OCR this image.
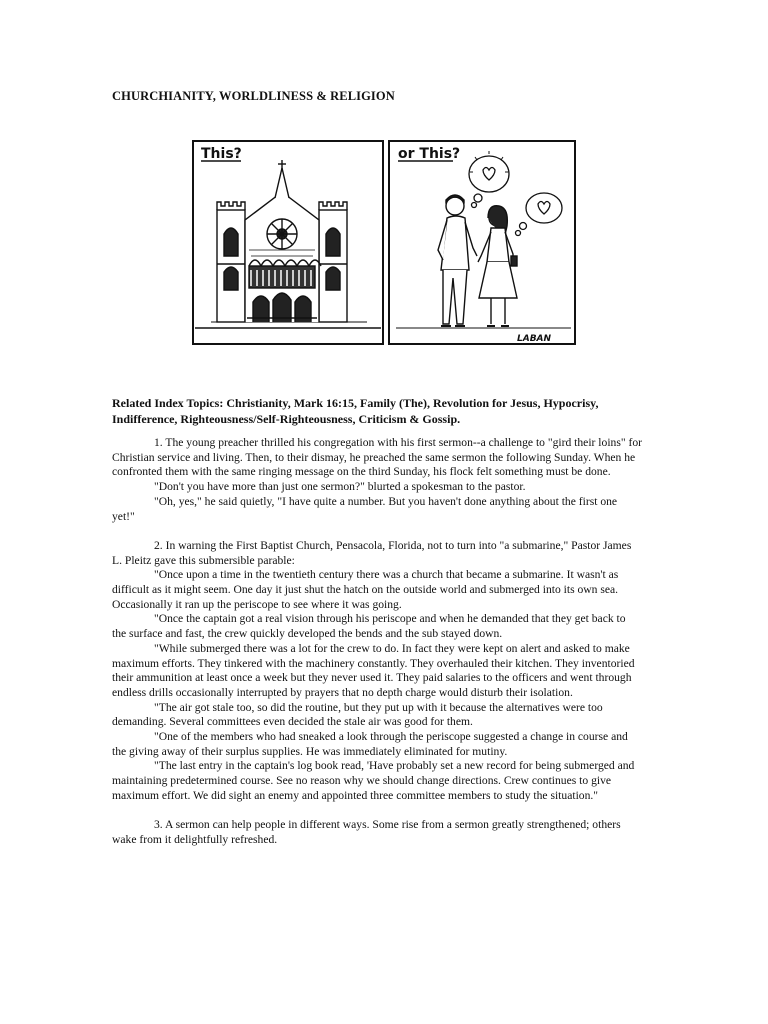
CHURCHIANITY, WORLDLINESS & RELIGION
This?	or This?
LABAN
Related Index Topics: Christianity, Mark 16:15, Family (The), Revolution for Jesus, Hypocrisy, Indifference, Righteousness/Self-Righteousness, Criticism & Gossip.

1. The young preacher thrilled his congregation with his first sermon--a challenge to "gird their loins" for Christian service and living. Then, to their dismay, he preached the same sermon the following Sunday. When he confronted them with the same ringing message on the third Sunday, his flock felt something must be done.

"Don't you have more than just one sermon?" blurted a spokesman to the pastor.

"Oh, yes," he said quietly, "I have quite a number. But you haven't done anything about the first one yet!"

2. In warning the First Baptist Church, Pensacola, Florida, not to turn into "a submarine," Pastor James L. Pleitz gave this submersible parable:

"Once upon a time in the twentieth century there was a church that became a submarine. It wasn't as difficult as it might seem. One day it just shut the hatch on the outside world and submerged into its own sea. Occasionally it ran up the periscope to see where it was going.

"Once the captain got a real vision through his periscope and when he demanded that they get back to the surface and fast, the crew quickly developed the bends and the sub stayed down.

"While submerged there was a lot for the crew to do. In fact they were kept on alert and asked to make maximum efforts. They tinkered with the machinery constantly. They overhauled their kitchen. They inventoried their ammunition at least once a week but they never used it. They paid salaries to the officers and went through endless drills occasionally interrupted by prayers that no depth charge would disturb their isolation.

"The air got stale too, so did the routine, but they put up with it because the alternatives were too demanding. Several committees even decided the stale air was good for them.

"One of the members who had sneaked a look through the periscope suggested a change in course and the giving away of their surplus supplies. He was immediately eliminated for mutiny.

"The last entry in the captain's log book read, 'Have probably set a new record for being submerged and maintaining predetermined course. See no reason why we should change directions. Crew continues to give maximum effort. We did sight an enemy and appointed three committee members to study the situation."

3. A sermon can help people in different ways. Some rise from a sermon greatly strengthened; others wake from it delightfully refreshed.
